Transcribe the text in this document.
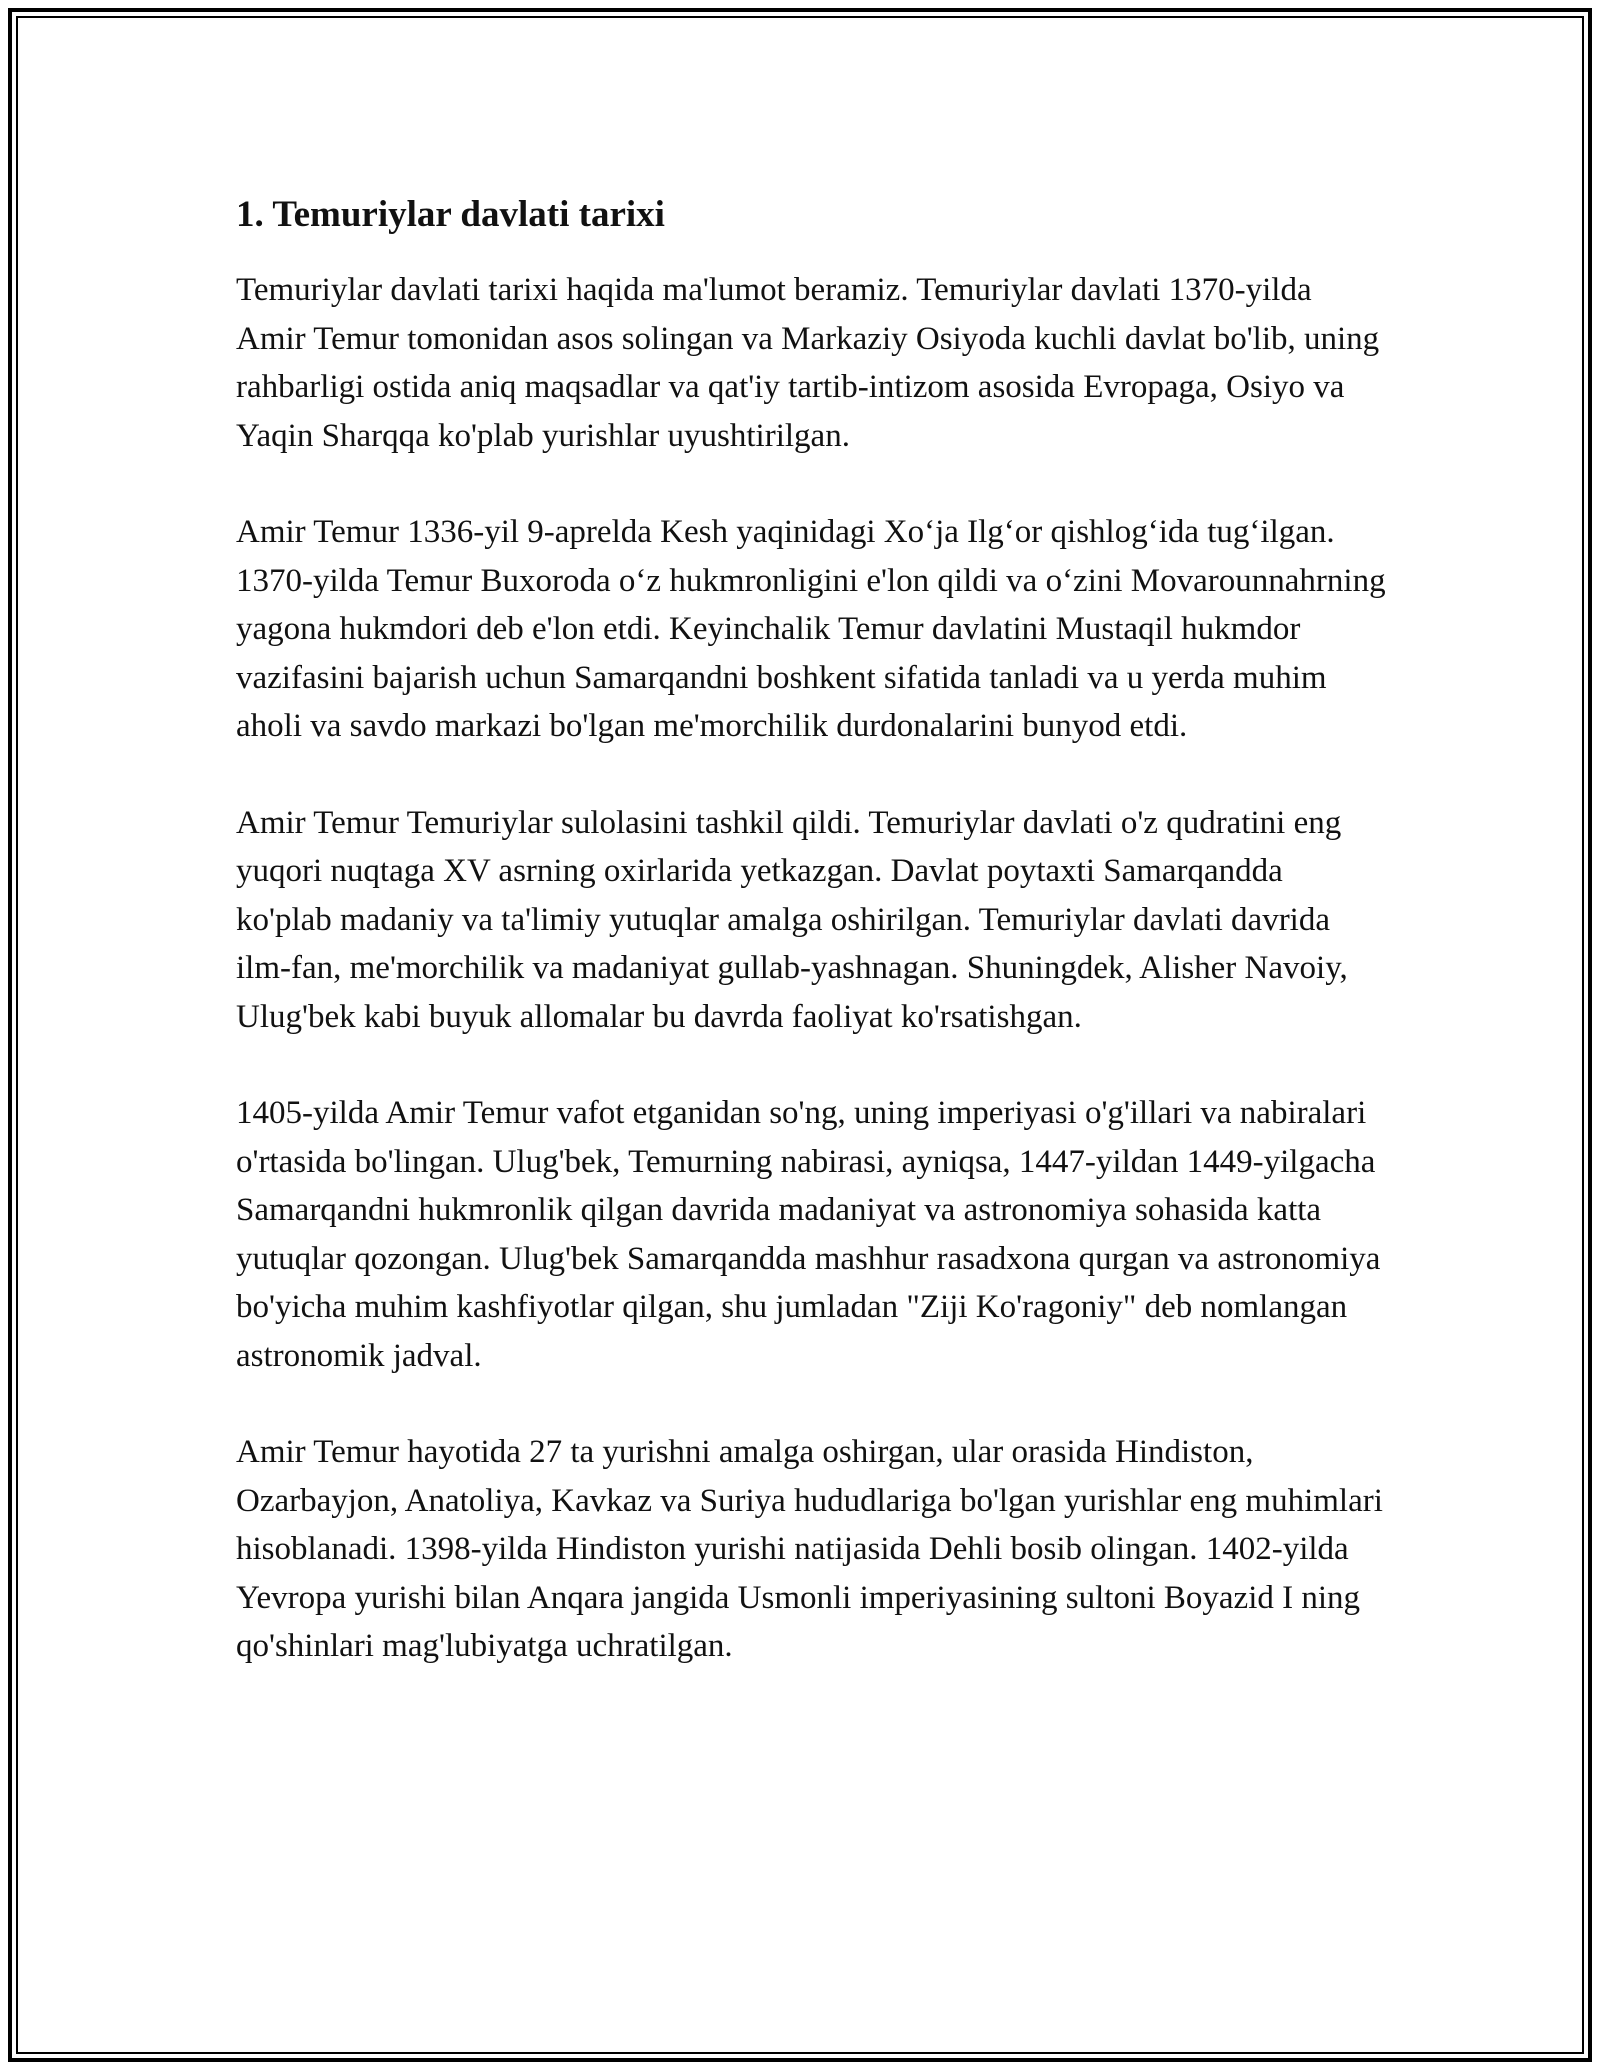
1. Temuriylar davlati tarixi

Temuriylar davlati tarixi haqida ma'lumot beramiz. Temuriylar davlati 1370-yilda Amir Temur tomonidan asos solingan va Markaziy Osiyoda kuchli davlat bo'lib, uning rahbarligi ostida aniq maqsadlar va qat'iy tartib-intizom asosida Evropaga, Osiyo va Yaqin Sharqqa ko'plab yurishlar uyushtirilgan.

Amir Temur 1336-yil 9-aprelda Kesh yaqinidagi Xo‘ja Ilg‘or qishlog‘ida tug‘ilgan. 1370-yilda Temur Buxoroda o‘z hukmronligini e'lon qildi va o‘zini Movarounnahrning yagona hukmdori deb e'lon etdi. Keyinchalik Temur davlatini Mustaqil hukmdor vazifasini bajarish uchun Samarqandni boshkent sifatida tanladi va u yerda muhim aholi va savdo markazi bo'lgan me'morchilik durdonalarini bunyod etdi.

Amir Temur Temuriylar sulolasini tashkil qildi. Temuriylar davlati o'z qudratini eng yuqori nuqtaga XV asrning oxirlarida yetkazgan. Davlat poytaxti Samarqandda ko'plab madaniy va ta'limiy yutuqlar amalga oshirilgan. Temuriylar davlati davrida ilm-fan, me'morchilik va madaniyat gullab-yashnagan. Shuningdek, Alisher Navoiy, Ulug'bek kabi buyuk allomalar bu davrda faoliyat ko'rsatishgan.

1405-yilda Amir Temur vafot etganidan so'ng, uning imperiyasi o'g'illari va nabiralari o'rtasida bo'lingan. Ulug'bek, Temurning nabirasi, ayniqsa, 1447-yildan 1449-yilgacha Samarqandni hukmronlik qilgan davrida madaniyat va astronomiya sohasida katta yutuqlar qozongan. Ulug'bek Samarqandda mashhur rasadxona qurgan va astronomiya bo'yicha muhim kashfiyotlar qilgan, shu jumladan "Ziji Ko'ragoniy" deb nomlangan astronomik jadval.

Amir Temur hayotida 27 ta yurishni amalga oshirgan, ular orasida Hindiston, Ozarbayjon, Anatoliya, Kavkaz va Suriya hududlariga bo'lgan yurishlar eng muhimlari hisoblanadi. 1398-yilda Hindiston yurishi natijasida Dehli bosib olingan. 1402-yilda Yevropa yurishi bilan Anqara jangida Usmonli imperiyasining sultoni Boyazid I ning qo'shinlari mag'lubiyatga uchratilgan.
